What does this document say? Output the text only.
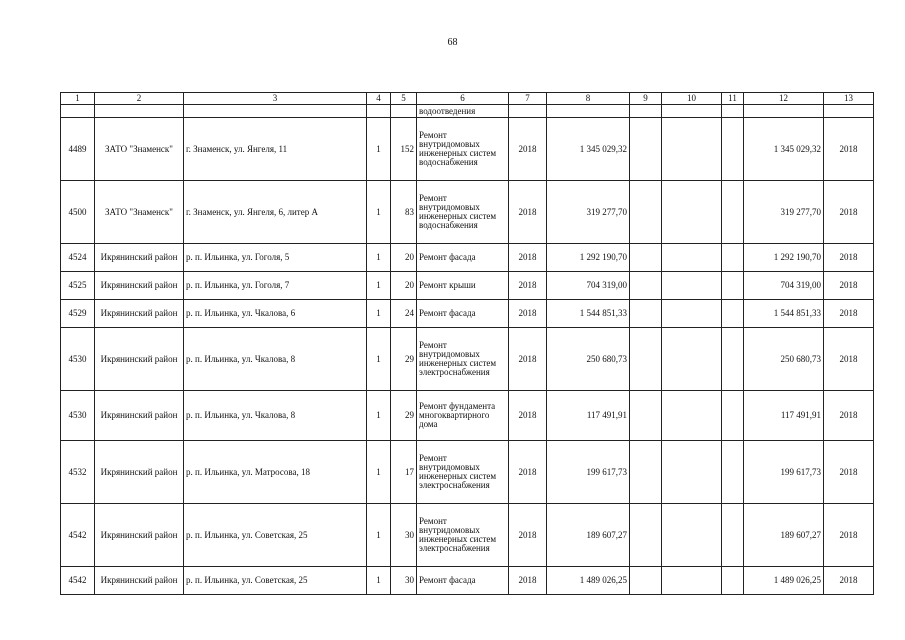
68
1	2	3	4	5	6	7	8	9	10	11	12	13
					водоотведения							
4489	ЗАТО "Знаменск"	г. Знаменск, ул. Янгеля, 11	1	152	Ремонт внутридомовых инженерных систем водоснабжения	2018	1 345 029,32				1 345 029,32	2018
4500	ЗАТО "Знаменск"	г. Знаменск, ул. Янгеля, 6, литер А	1	83	Ремонт внутридомовых инженерных систем водоснабжения	2018	319 277,70				319 277,70	2018
4524	Икрянинский район	р. п. Ильинка, ул. Гоголя, 5	1	20	Ремонт фасада	2018	1 292 190,70				1 292 190,70	2018
4525	Икрянинский район	р. п. Ильинка, ул. Гоголя, 7	1	20	Ремонт крыши	2018	704 319,00				704 319,00	2018
4529	Икрянинский район	р. п. Ильинка, ул. Чкалова, 6	1	24	Ремонт фасада	2018	1 544 851,33				1 544 851,33	2018
4530	Икрянинский район	р. п. Ильинка, ул. Чкалова, 8	1	29	Ремонт внутридомовых инженерных систем электроснабжения	2018	250 680,73				250 680,73	2018
4530	Икрянинский район	р. п. Ильинка, ул. Чкалова, 8	1	29	Ремонт фундамента многоквартирного дома	2018	117 491,91				117 491,91	2018
4532	Икрянинский район	р. п. Ильинка, ул. Матросова, 18	1	17	Ремонт внутридомовых инженерных систем электроснабжения	2018	199 617,73				199 617,73	2018
4542	Икрянинский район	р. п. Ильинка, ул. Советская, 25	1	30	Ремонт внутридомовых инженерных систем электроснабжения	2018	189 607,27				189 607,27	2018
4542	Икрянинский район	р. п. Ильинка, ул. Советская, 25	1	30	Ремонт фасада	2018	1 489 026,25				1 489 026,25	2018
